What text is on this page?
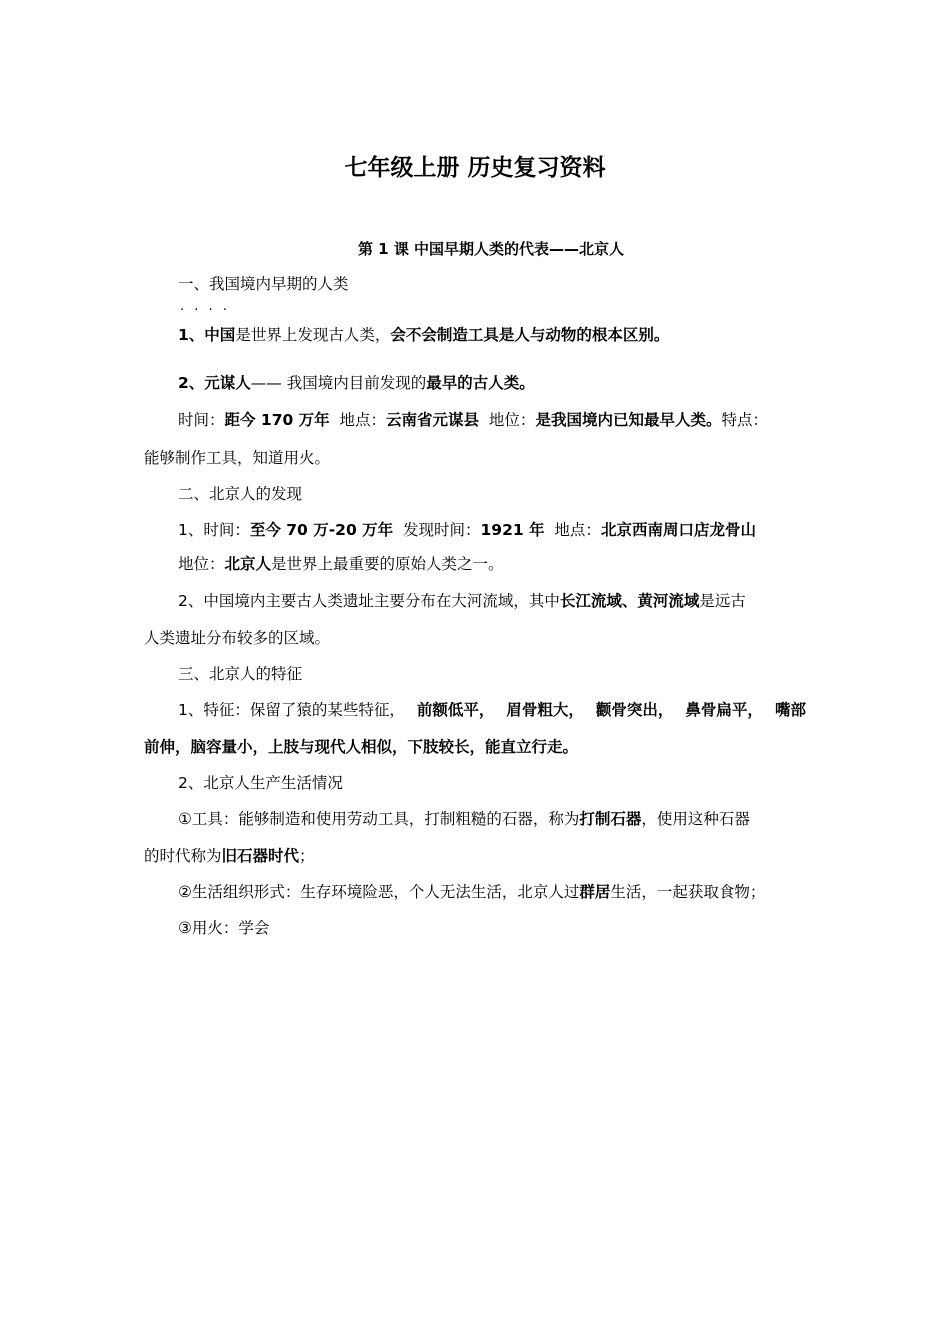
七年级上册 历史复习资料
第 1 课 中国早期人类的代表——北京人
一、我国境内早期的人类
· · · ·
1、中国是世界上发现古人类，会不会制造工具是人与动物的根本区别。
2、元谋人—— 我国境内目前发现的最早的古人类。
时间：距今 170 万年 地点：云南省元谋县 地位：是我国境内已知最早人类。特点：
能够制作工具，知道用火。
二、北京人的发现
1、时间：至今 70 万-20 万年 发现时间：1921 年 地点：北京西南周口店龙骨山
地位：北京人是世界上最重要的原始人类之一。
2、中国境内主要古人类遗址主要分布在大河流域，其中长江流域、黄河流域是远古
人类遗址分布较多的区域。
三、北京人的特征
1、特征：保留了猿的某些特征， 前额低平， 眉骨粗大， 颧骨突出， 鼻骨扁平， 嘴部
前伸，脑容量小，上肢与现代人相似，下肢较长，能直立行走。
2、北京人生产生活情况
①工具：能够制造和使用劳动工具，打制粗糙的石器，称为打制石器，使用这种石器
的时代称为旧石器时代；
②生活组织形式：生存环境险恶，个人无法生活，北京人过群居生活，一起获取食物；
③用火：学会
